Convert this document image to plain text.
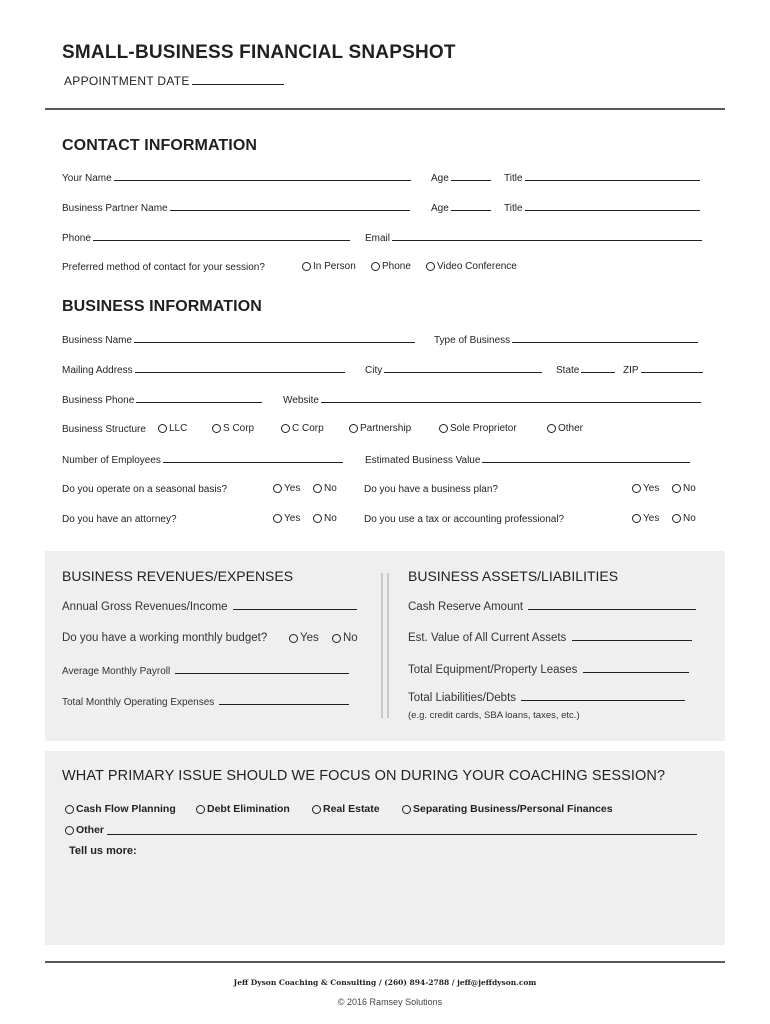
SMALL-BUSINESS FINANCIAL SNAPSHOT
APPOINTMENT DATE
CONTACT INFORMATION
Your Name	Age	Title
Business Partner Name	Age	Title
Phone	Email
Preferred method of contact for your session?	In Person	Phone	Video Conference
BUSINESS INFORMATION
Business Name	Type of Business
Mailing Address	City	State	ZIP
Business Phone	Website
Business Structure LLC	S Corp	C Corp	Partnership	Sole Proprietor	Other
Number of Employees	Estimated Business Value
Do you operate on a seasonal basis?	Yes No	Do you have a business plan?	Yes No
Do you have an attorney?	Yes No	Do you use a tax or accounting professional?	Yes No
BUSINESS REVENUES/EXPENSES
Annual Gross Revenues/Income
Do you have a working monthly budget?	Yes No
Average Monthly Payroll
Total Monthly Operating Expenses
BUSINESS ASSETS/LIABILITIES
Cash Reserve Amount
Est. Value of All Current Assets
Total Equipment/Property Leases
Total Liabilities/Debts
(e.g. credit cards, SBA loans, taxes, etc.)
WHAT PRIMARY ISSUE SHOULD WE FOCUS ON DURING YOUR COACHING SESSION?
Cash Flow Planning	Debt Elimination	Real Estate	Separating Business/Personal Finances
Other
Tell us more:
Jeff Dyson Coaching & Consulting / (260) 894-2788 / jeff@jeffdyson.com
© 2016 Ramsey Solutions
